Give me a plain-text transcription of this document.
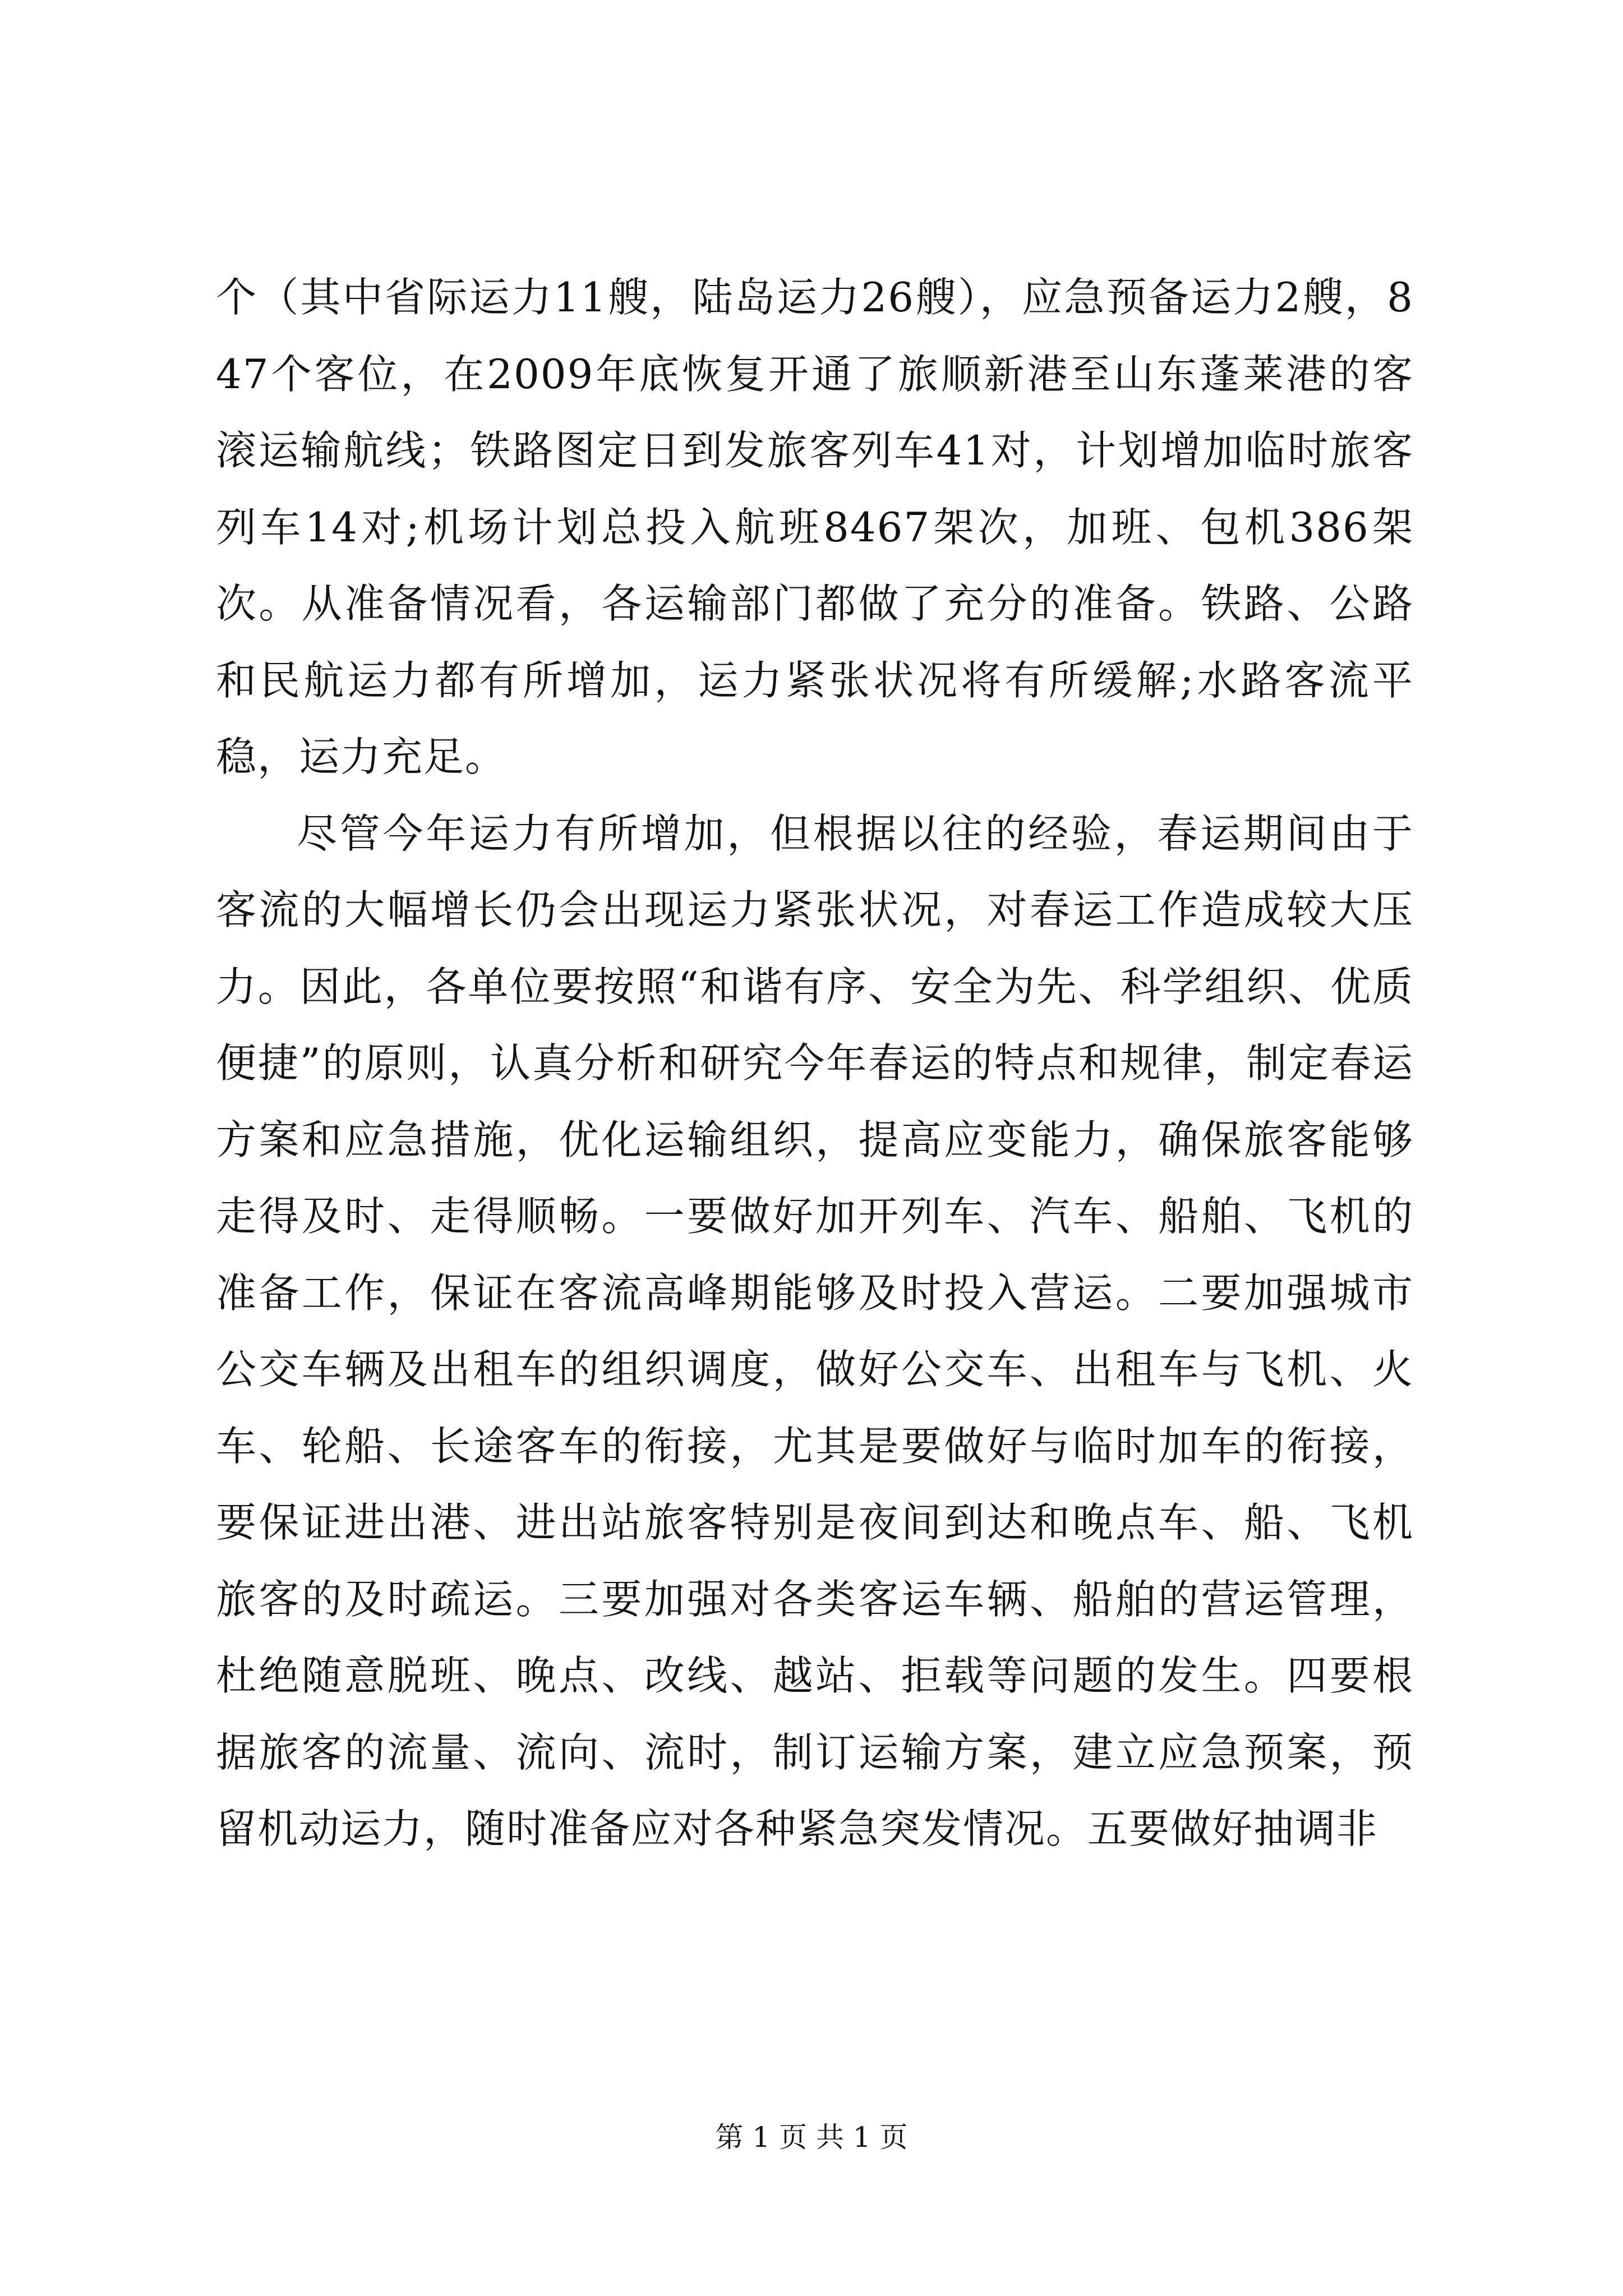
个（其中省际运力11艘，陆岛运力26艘），应急预备运力2艘，847个客位，在2009年底恢复开通了旅顺新港至山东蓬莱港的客滚运输航线；铁路图定日到发旅客列车41对，计划增加临时旅客列车14对;机场计划总投入航班8467架次，加班、包机386架次。从准备情况看，各运输部门都做了充分的准备。铁路、公路和民航运力都有所增加，运力紧张状况将有所缓解;水路客流平稳，运力充足。

尽管今年运力有所增加，但根据以往的经验，春运期间由于客流的大幅增长仍会出现运力紧张状况，对春运工作造成较大压力。因此，各单位要按照“和谐有序、安全为先、科学组织、优质便捷”的原则，认真分析和研究今年春运的特点和规律，制定春运方案和应急措施，优化运输组织，提高应变能力，确保旅客能够走得及时、走得顺畅。一要做好加开列车、汽车、船舶、飞机的准备工作，保证在客流高峰期能够及时投入营运。二要加强城市公交车辆及出租车的组织调度，做好公交车、出租车与飞机、火车、轮船、长途客车的衔接，尤其是要做好与临时加车的衔接，要保证进出港、进出站旅客特别是夜间到达和晚点车、船、飞机旅客的及时疏运。三要加强对各类客运车辆、船舶的营运管理，杜绝随意脱班、晚点、改线、越站、拒载等问题的发生。四要根据旅客的流量、流向、流时，制订运输方案，建立应急预案，预留机动运力，随时准备应对各种紧急突发情况。五要做好抽调非

第 1 页 共 1 页
